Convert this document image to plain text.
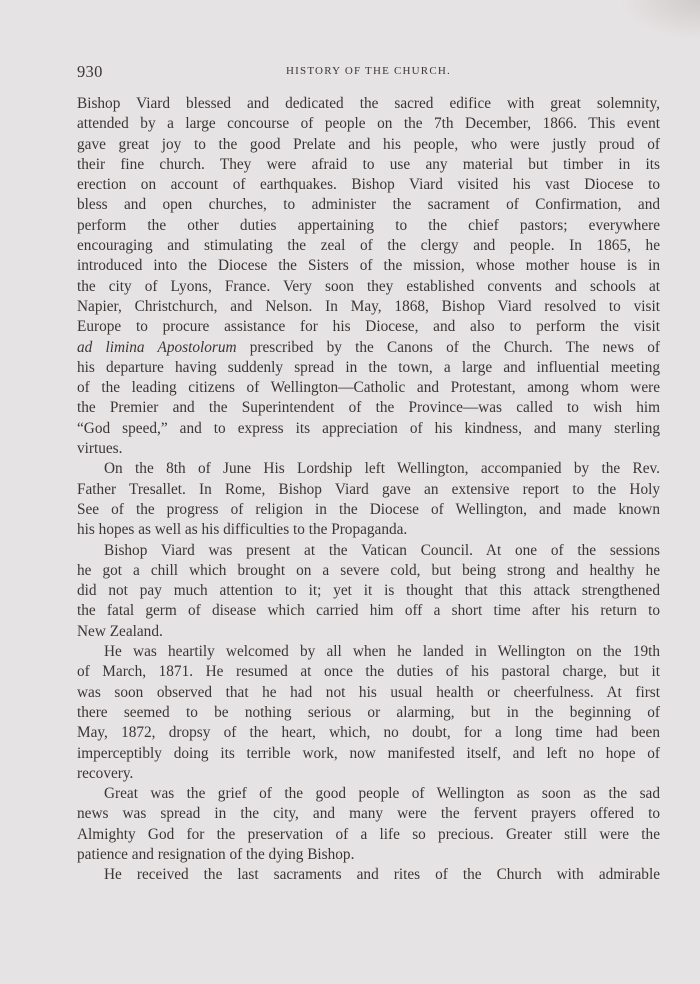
930	HISTORY OF THE CHURCH.
Bishop Viard blessed and dedicated the sacred edifice with great solemnity,
attended by a large concourse of people on the 7th December, 1866. This event
gave great joy to the good Prelate and his people, who were justly proud of
their fine church. They were afraid to use any material but timber in its
erection on account of earthquakes. Bishop Viard visited his vast Diocese to
bless and open churches, to administer the sacrament of Confirmation, and
perform the other duties appertaining to the chief pastors; everywhere
encouraging and stimulating the zeal of the clergy and people. In 1865, he
introduced into the Diocese the Sisters of the mission, whose mother house is in
the city of Lyons, France. Very soon they established convents and schools at
Napier, Christchurch, and Nelson. In May, 1868, Bishop Viard resolved to visit
Europe to procure assistance for his Diocese, and also to perform the visit
ad limina Apostolorum prescribed by the Canons of the Church. The news of
his departure having suddenly spread in the town, a large and influential meeting
of the leading citizens of Wellington—Catholic and Protestant, among whom were
the Premier and the Superintendent of the Province—was called to wish him
“God speed,” and to express its appreciation of his kindness, and many sterling
virtues.
On the 8th of June His Lordship left Wellington, accompanied by the Rev.
Father Tresallet. In Rome, Bishop Viard gave an extensive report to the Holy
See of the progress of religion in the Diocese of Wellington, and made known
his hopes as well as his difficulties to the Propaganda.
Bishop Viard was present at the Vatican Council. At one of the sessions
he got a chill which brought on a severe cold, but being strong and healthy he
did not pay much attention to it; yet it is thought that this attack strengthened
the fatal germ of disease which carried him off a short time after his return to
New Zealand.
He was heartily welcomed by all when he landed in Wellington on the 19th
of March, 1871. He resumed at once the duties of his pastoral charge, but it
was soon observed that he had not his usual health or cheerfulness. At first
there seemed to be nothing serious or alarming, but in the beginning of
May, 1872, dropsy of the heart, which, no doubt, for a long time had been
imperceptibly doing its terrible work, now manifested itself, and left no hope of
recovery.
Great was the grief of the good people of Wellington as soon as the sad
news was spread in the city, and many were the fervent prayers offered to
Almighty God for the preservation of a life so precious. Greater still were the
patience and resignation of the dying Bishop.
He received the last sacraments and rites of the Church with admirable
